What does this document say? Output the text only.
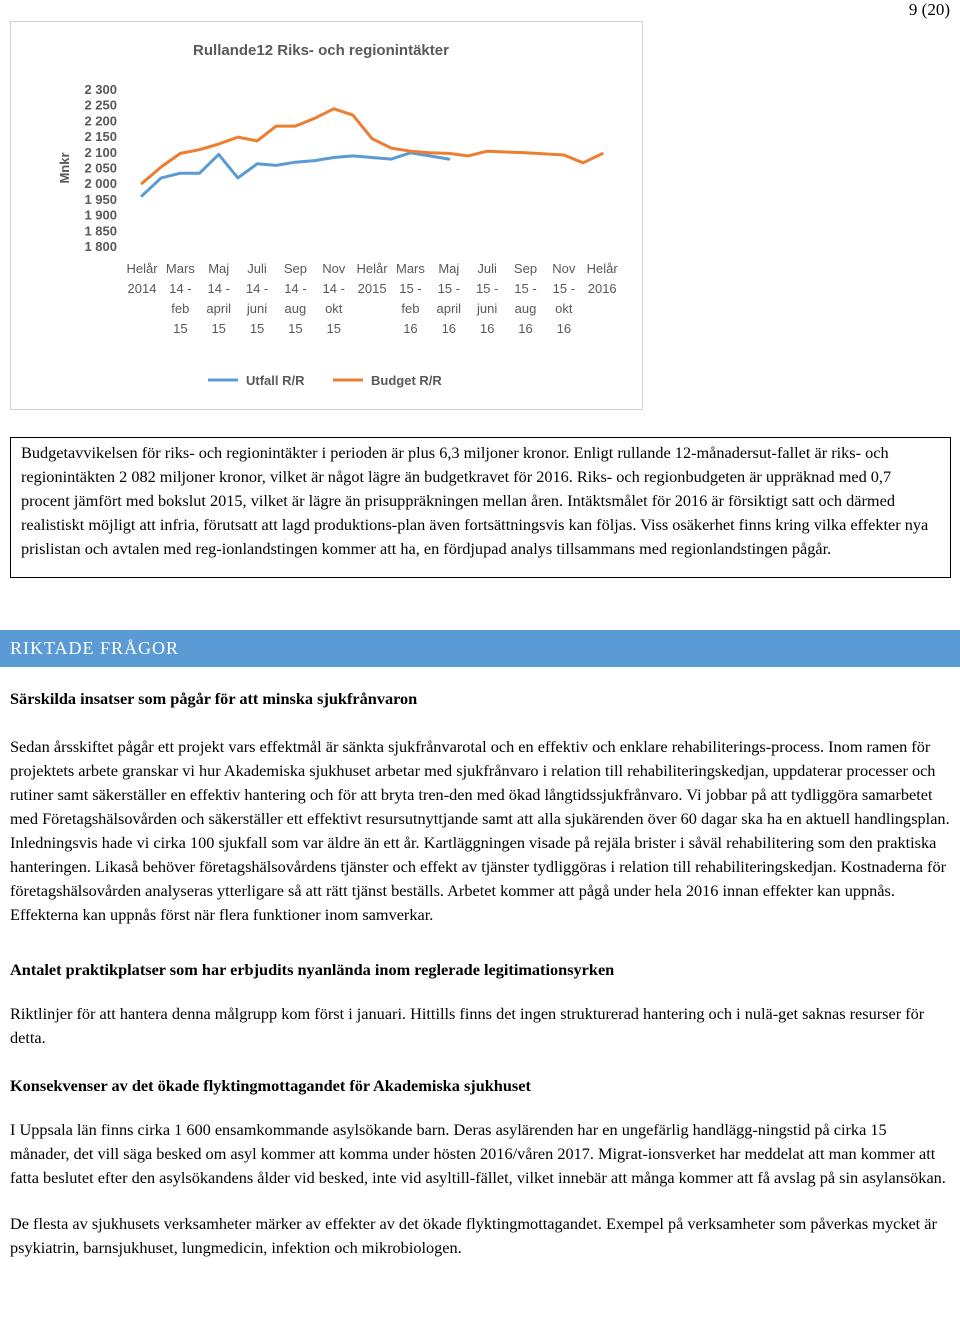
9 (20)
Rullande12 Riks- och regionintäkter
Mnkr
1 800
1 850
1 900
1 950
2 000
2 050
2 100
2 150
2 200
2 250
2 300
Helår
2014
Mars
14 -
feb
15
Maj
14 -
april
15
Juli
14 -
juni
15
Sep
14 -
aug
15
Nov
14 -
okt
15
Helår
2015
Mars
15 -
feb
16
Maj
15 -
april
16
Juli
15 -
juni
16
Sep
15 -
aug
16
Nov
15 -
okt
16
Helår
2016
Utfall R/R	Budget R/R

Budgetavvikelsen för riks- och regionintäkter i perioden är plus 6,3 miljoner kronor. Enligt rullande 12-månadersut-fallet är riks- och regionintäkten 2 082 miljoner kronor, vilket är något lägre än budgetkravet för 2016. Riks- och regionbudgeten är uppräknad med 0,7 procent jämfört med bokslut 2015, vilket är lägre än prisuppräkningen mellan åren. Intäktsmålet för 2016 är försiktigt satt och därmed realistiskt möjligt att infria, förutsatt att lagd produktions-plan även fortsättningsvis kan följas. Viss osäkerhet finns kring vilka effekter nya prislistan och avtalen med reg-ionlandstingen kommer att ha, en fördjupad analys tillsammans med regionlandstingen pågår.

RIKTADE FRÅGOR
Särskilda insatser som pågår för att minska sjukfrånvaron

Sedan årsskiftet pågår ett projekt vars effektmål är sänkta sjukfrånvarotal och en effektiv och enklare rehabiliterings-process. Inom ramen för projektets arbete granskar vi hur Akademiska sjukhuset arbetar med sjukfrånvaro i relation till rehabiliteringskedjan, uppdaterar processer och rutiner samt säkerställer en effektiv hantering och för att bryta tren-den med ökad långtidssjukfrånvaro. Vi jobbar på att tydliggöra samarbetet med Företagshälsovården och säkerställer ett effektivt resursutnyttjande samt att alla sjukärenden över 60 dagar ska ha en aktuell handlingsplan. Inledningsvis hade vi cirka 100 sjukfall som var äldre än ett år. Kartläggningen visade på rejäla brister i såväl rehabilitering som den praktiska hanteringen. Likaså behöver företagshälsovårdens tjänster och effekt av tjänster tydliggöras i relation till rehabiliteringskedjan. Kostnaderna för företagshälsovården analyseras ytterligare så att rätt tjänst beställs. Arbetet kommer att pågå under hela 2016 innan effekter kan uppnås. Effekterna kan uppnås först när flera funktioner inom samverkar.

Antalet praktikplatser som har erbjudits nyanlända inom reglerade legitimationsyrken

Riktlinjer för att hantera denna målgrupp kom först i januari. Hittills finns det ingen strukturerad hantering och i nulä-get saknas resurser för detta.

Konsekvenser av det ökade flyktingmottagandet för Akademiska sjukhuset

I Uppsala län finns cirka 1 600 ensamkommande asylsökande barn. Deras asylärenden har en ungefärlig handlägg-ningstid på cirka 15 månader, det vill säga besked om asyl kommer att komma under hösten 2016/våren 2017. Migrat-ionsverket har meddelat att man kommer att fatta beslutet efter den asylsökandens ålder vid besked, inte vid asyltill-fället, vilket innebär att många kommer att få avslag på sin asylansökan.

De flesta av sjukhusets verksamheter märker av effekter av det ökade flyktingmottagandet. Exempel på verksamheter som påverkas mycket är psykiatrin, barnsjukhuset, lungmedicin, infektion och mikrobiologen.
